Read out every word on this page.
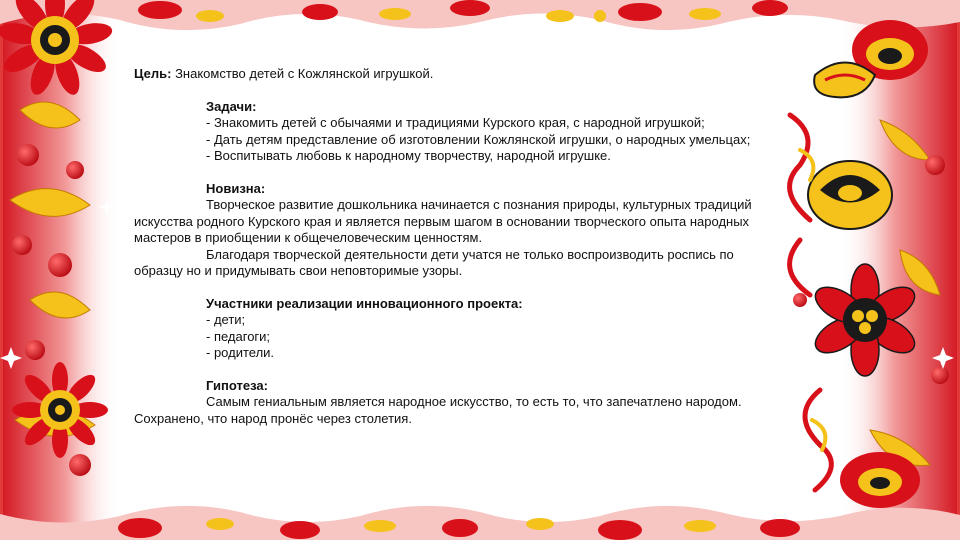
Цель: Знакомство детей с Кожлянской игрушкой.

Задачи:

- Знакомить детей с обычаями и традициями Курского края, с народной игрушкой;

- Дать детям представление об изготовлении Кожлянской игрушки, о народных умельцах;

- Воспитывать любовь к народному творчеству, народной игрушке.

Новизна:

Творческое развитие дошкольника начинается с познания природы, культурных традиций искусства родного Курского края и является первым шагом в основании творческого опыта народных мастеров в приобщении к общечеловеческим ценностям.

Благодаря творческой деятельности дети учатся не только воспроизводить роспись по образцу но и придумывать свои неповторимые узоры.

Участники реализации инновационного проекта:

- дети;

- педагоги;

- родители.

Гипотеза:

Самым гениальным является народное искусство, то есть то, что запечатлено народом. Сохранено, что народ пронёс через столетия.
